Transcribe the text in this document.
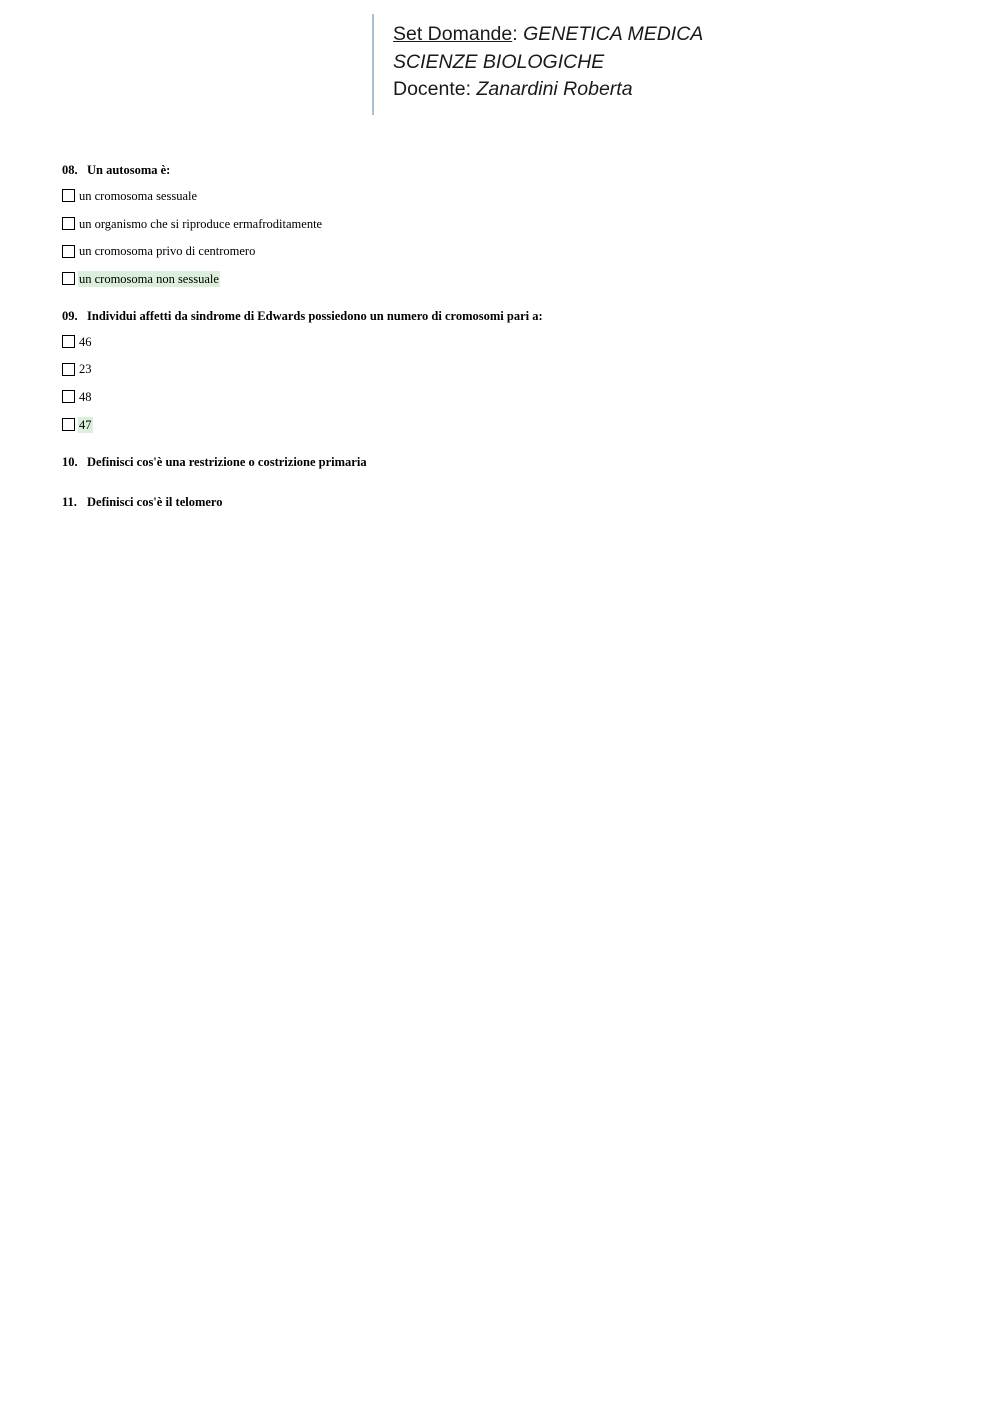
Set Domande: GENETICA MEDICA
SCIENZE BIOLOGICHE
Docente: Zanardini Roberta
08. Un autosoma è:
un cromosoma sessuale
un organismo che si riproduce ermafroditamente
un cromosoma privo di centromero
un cromosoma non sessuale
09. Individui affetti da sindrome di Edwards possiedono un numero di cromosomi pari a:
46
23
48
47
10. Definisci cos'è una restrizione o costrizione primaria
11. Definisci cos'è il telomero
